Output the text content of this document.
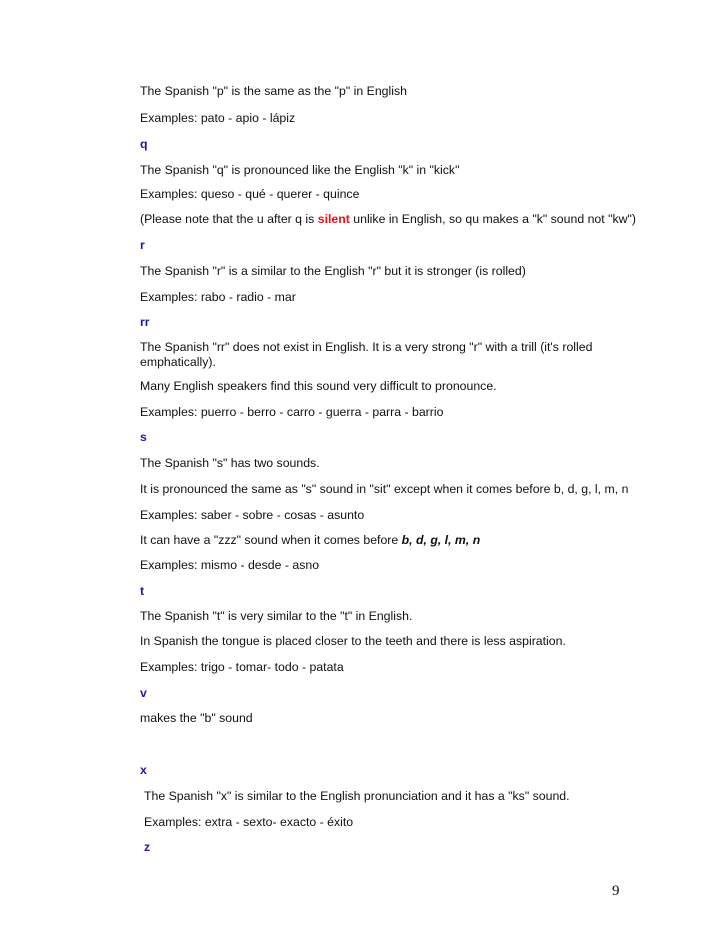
The Spanish "p" is the same as the "p" in English

Examples: pato - apio - lápiz

q

The Spanish "q" is pronounced like the English "k" in "kick"

Examples: queso - qué - querer - quince

(Please note that the u after q is silent unlike in English, so qu makes a "k" sound not "kw")

r

The Spanish "r" is a similar to the English "r" but it is stronger (is rolled)

Examples: rabo - radio - mar

rr

The Spanish "rr" does not exist in English. It is a very strong "r" with a trill (it's rolled emphatically).

Many English speakers find this sound very difficult to pronounce.

Examples: puerro - berro - carro - guerra - parra - barrio

s

The Spanish "s" has two sounds.

It is pronounced the same as "s" sound in "sit" except when it comes before b, d, g, l, m, n

Examples: saber - sobre - cosas - asunto

It can have a "zzz" sound when it comes before b, d, g, l, m, n

Examples: mismo - desde - asno

t

The Spanish "t" is very similar to the "t" in English.

In Spanish the tongue is placed closer to the teeth and there is less aspiration.

Examples: trigo - tomar- todo - patata

v

makes the "b" sound

x

The Spanish "x" is similar to the English pronunciation and it has a "ks" sound.

Examples: extra - sexto- exacto - éxito

z

9
